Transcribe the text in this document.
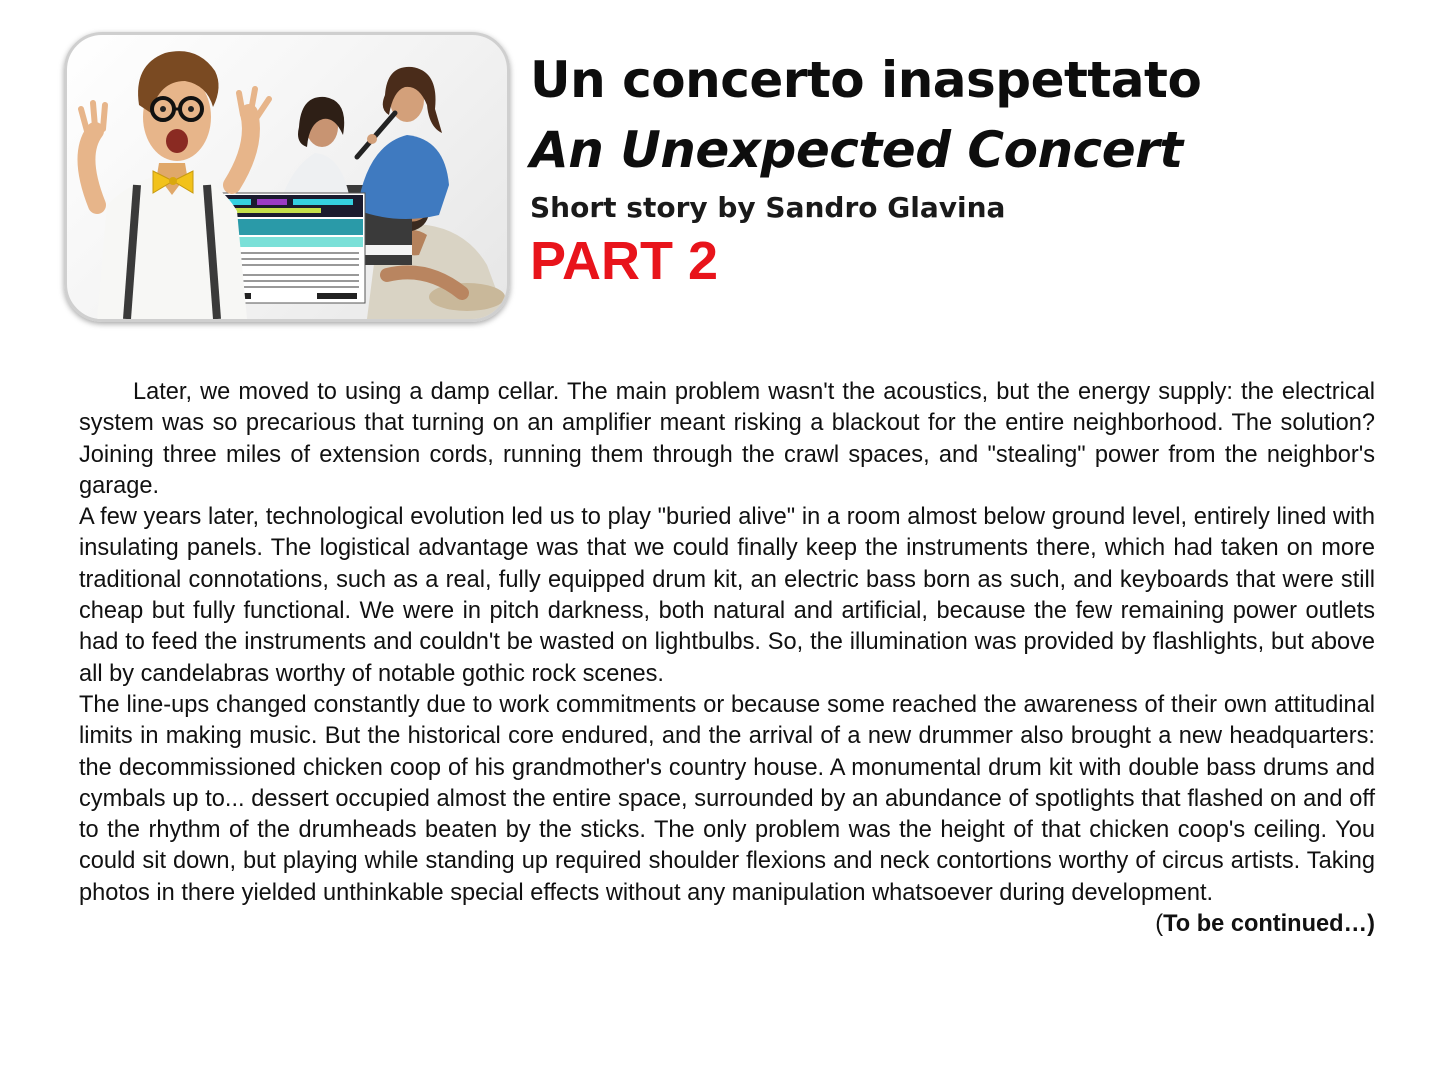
Un concerto inaspettato
An Unexpected Concert

Short story by Sandro Glavina

PART 2

Later, we moved to using a damp cellar. The main problem wasn't the acoustics, but the energy supply: the electrical system was so precarious that turning on an amplifier meant risking a blackout for the entire neighborhood. The solution? Joining three miles of extension cords, running them through the crawl spaces, and "stealing" power from the neighbor's garage.

A few years later, technological evolution led us to play "buried alive" in a room almost below ground level, entirely lined with insulating panels. The logistical advantage was that we could finally keep the instruments there, which had taken on more traditional connotations, such as a real, fully equipped drum kit, an electric bass born as such, and keyboards that were still cheap but fully functional. We were in pitch darkness, both natural and artificial, because the few remaining power outlets had to feed the instruments and couldn't be wasted on lightbulbs. So, the illumination was provided by flashlights, but above all by candelabras worthy of notable gothic rock scenes.

The line-ups changed constantly due to work commitments or because some reached the awareness of their own attitudinal limits in making music. But the historical core endured, and the arrival of a new drummer also brought a new headquarters: the decommissioned chicken coop of his grandmother's country house. A monumental drum kit with double bass drums and cymbals up to... dessert occupied almost the entire space, surrounded by an abundance of spotlights that flashed on and off to the rhythm of the drumheads beaten by the sticks. The only problem was the height of that chicken coop's ceiling. You could sit down, but playing while standing up required shoulder flexions and neck contortions worthy of circus artists. Taking photos in there yielded unthinkable special effects without any manipulation whatsoever during development.

(To be continued…)
